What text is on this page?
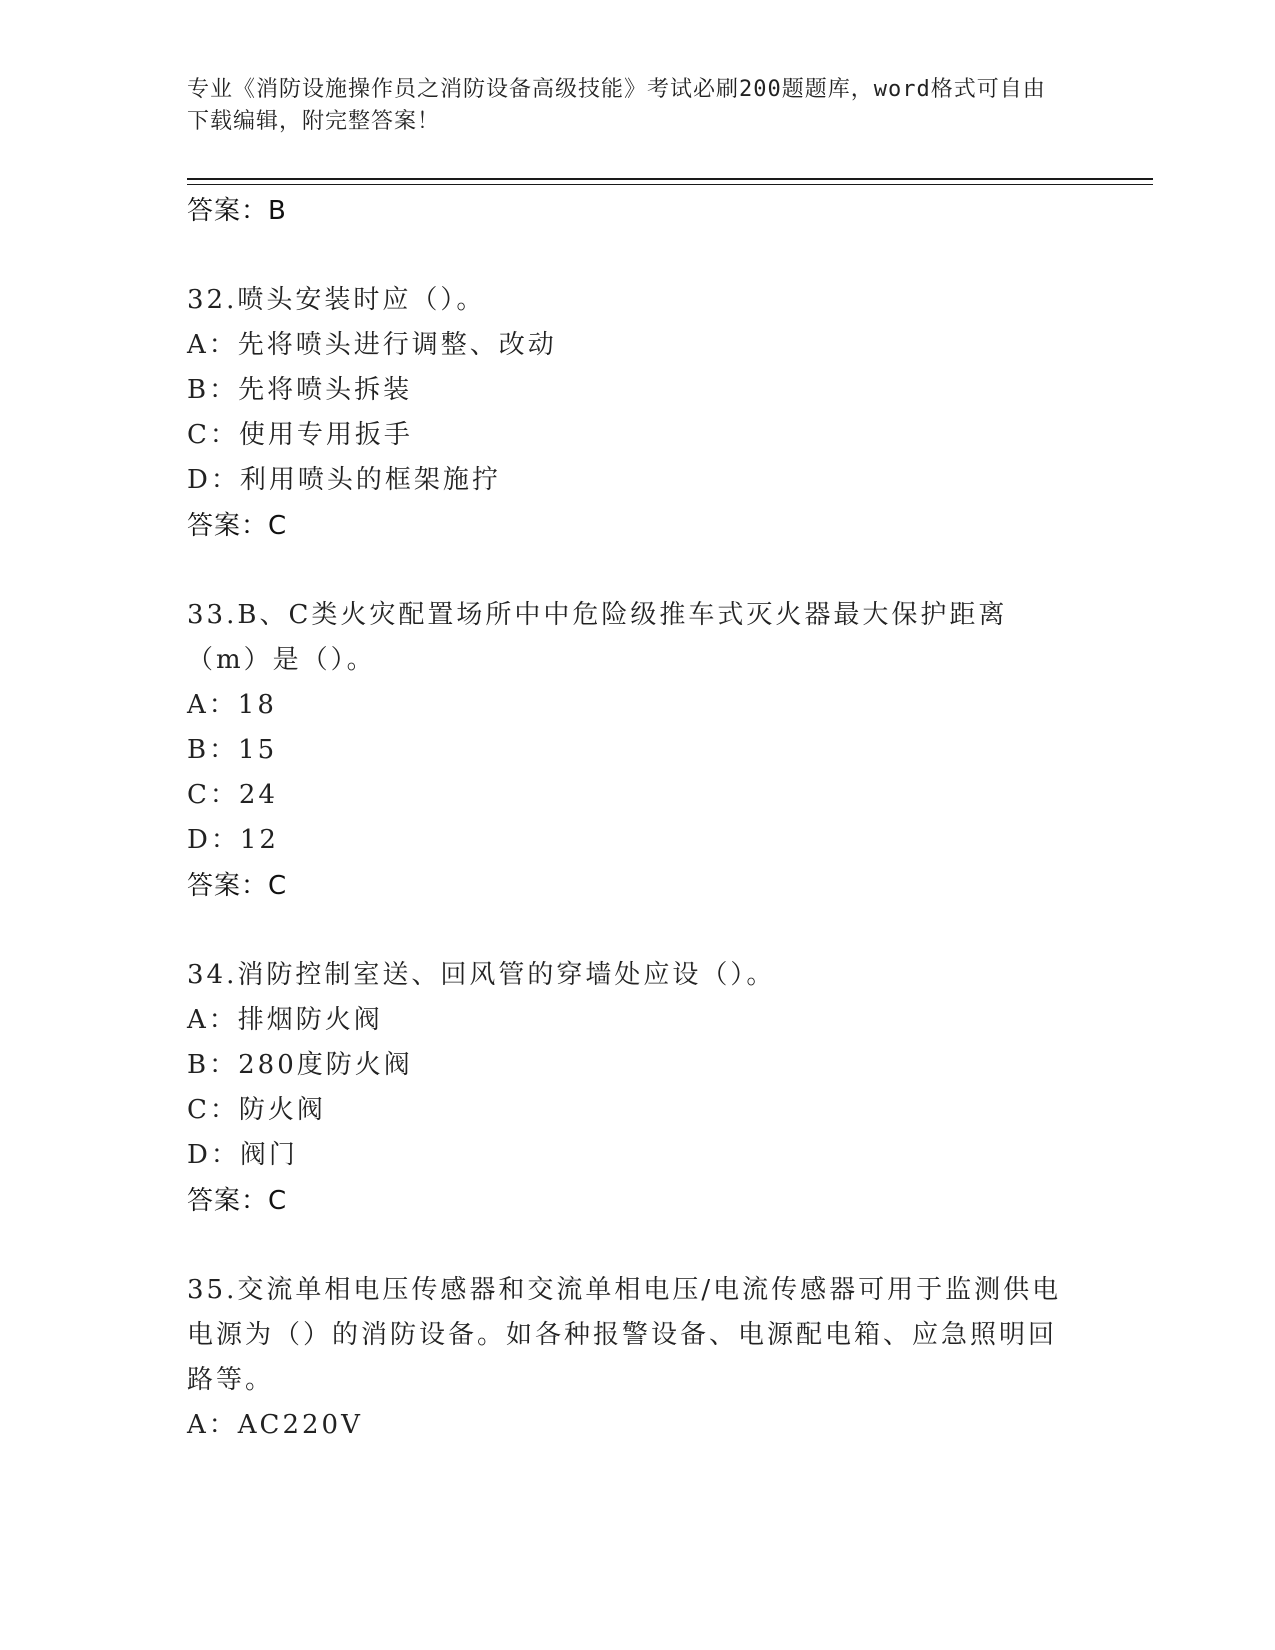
专业《消防设施操作员之消防设备高级技能》考试必刷200题题库，word格式可自由下载编辑，附完整答案！
答案：B
32.喷头安装时应（）。
A：先将喷头进行调整、改动
B：先将喷头拆装
C：使用专用扳手
D：利用喷头的框架施拧
答案：C
33.B、C类火灾配置场所中中危险级推车式灭火器最大保护距离（m）是（）。
A：18
B：15
C：24
D：12
答案：C
34.消防控制室送、回风管的穿墙处应设（）。
A：排烟防火阀
B：280度防火阀
C：防火阀
D：阀门
答案：C
35.交流单相电压传感器和交流单相电压/电流传感器可用于监测供电电源为（）的消防设备。如各种报警设备、电源配电箱、应急照明回路等。
A：AC220V
